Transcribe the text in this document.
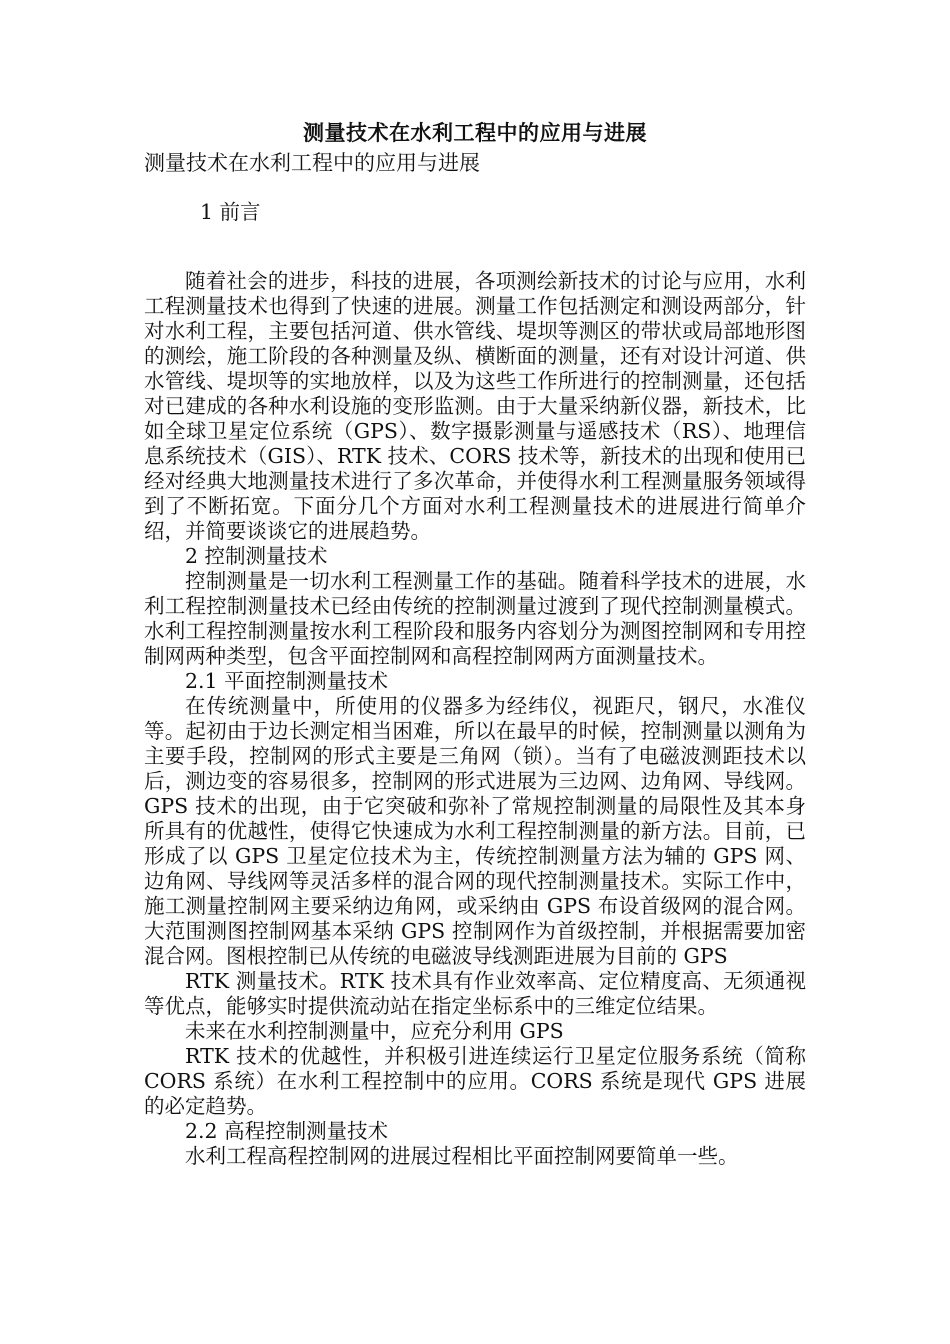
测量技术在水利工程中的应用与进展
测量技术在水利工程中的应用与进展
1 前言

随着社会的进步，科技的进展，各项测绘新技术的讨论与应用，水利工程测量技术也得到了快速的进展。测量工作包括测定和测设两部分，针对水利工程，主要包括河道、供水管线、堤坝等测区的带状或局部地形图的测绘，施工阶段的各种测量及纵、横断面的测量，还有对设计河道、供水管线、堤坝等的实地放样，以及为这些工作所进行的控制测量，还包括对已建成的各种水利设施的变形监测。由于大量采纳新仪器，新技术，比如全球卫星定位系统（GPS）、数字摄影测量与遥感技术（RS）、地理信息系统技术（GIS）、RTK 技术、CORS 技术等，新技术的出现和使用已经对经典大地测量技术进行了多次革命，并使得水利工程测量服务领域得到了不断拓宽。下面分几个方面对水利工程测量技术的进展进行简单介绍，并简要谈谈它的进展趋势。

2 控制测量技术

控制测量是一切水利工程测量工作的基础。随着科学技术的进展，水利工程控制测量技术已经由传统的控制测量过渡到了现代控制测量模式。水利工程控制测量按水利工程阶段和服务内容划分为测图控制网和专用控制网两种类型，包含平面控制网和高程控制网两方面测量技术。

2.1 平面控制测量技术

在传统测量中，所使用的仪器多为经纬仪，视距尺，钢尺，水准仪等。起初由于边长测定相当困难，所以在最早的时候，控制测量以测角为主要手段，控制网的形式主要是三角网（锁）。当有了电磁波测距技术以后，测边变的容易很多，控制网的形式进展为三边网、边角网、导线网。GPS 技术的出现，由于它突破和弥补了常规控制测量的局限性及其本身所具有的优越性，使得它快速成为水利工程控制测量的新方法。目前，已形成了以 GPS 卫星定位技术为主，传统控制测量方法为辅的 GPS 网、边角网、导线网等灵活多样的混合网的现代控制测量技术。实际工作中，施工测量控制网主要采纳边角网，或采纳由 GPS 布设首级网的混合网。大范围测图控制网基本采纳 GPS 控制网作为首级控制，并根据需要加密混合网。图根控制已从传统的电磁波导线测距进展为目前的 GPS

RTK 测量技术。RTK 技术具有作业效率高、定位精度高、无须通视等优点，能够实时提供流动站在指定坐标系中的三维定位结果。

未来在水利控制测量中，应充分利用 GPS

RTK 技术的优越性，并积极引进连续运行卫星定位服务系统（简称 CORS 系统）在水利工程控制中的应用。CORS 系统是现代 GPS 进展的必定趋势。

2.2 高程控制测量技术

水利工程高程控制网的进展过程相比平面控制网要简单一些。
